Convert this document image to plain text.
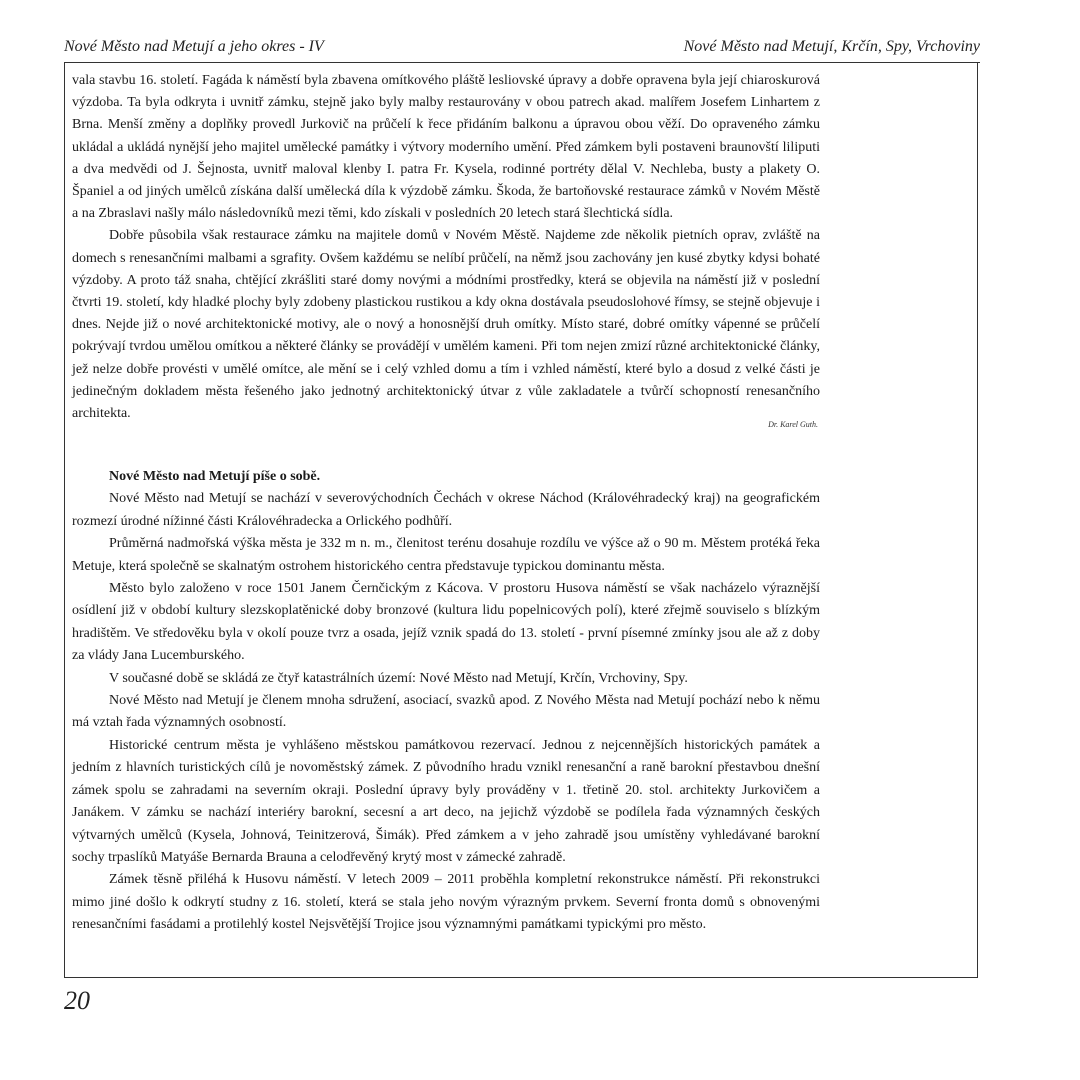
Nové Město nad Metují a jeho okres - IV	Nové Město nad Metují, Krčín, Spy, Vrchoviny

vala stavbu 16. století. Fagáda k náměstí byla zbavena omítkového pláště lesliovské úpravy a dobře opravena byla její chiaroskurová výzdoba. Ta byla odkryta i uvnitř zámku, stejně jako byly malby restaurovány v obou patrech akad. malířem Josefem Linhartem z Brna. Menší změny a doplňky provedl Jurkovič na průčelí k řece přidáním balkonu a úpravou obou věží. Do opraveného zámku ukládal a ukládá nynější jeho majitel umělecké památky i výtvory moderního umění. Před zámkem byli postaveni braunovští liliputi a dva medvědi od J. Šejnosta, uvnitř maloval klenby I. patra Fr. Kysela, rodinné portréty dělal V. Nechleba, busty a plakety O. Španiel a od jiných umělců získána další umělecká díla k výzdobě zámku. Škoda, že bartoňovské restaurace zámků v Novém Městě a na Zbraslavi našly málo následovníků mezi těmi, kdo získali v posledních 20 letech stará šlechtická sídla.

Dobře působila však restaurace zámku na majitele domů v Novém Městě. Najdeme zde několik pietních oprav, zvláště na domech s renesančními malbami a sgrafity. Ovšem každému se nelíbí průčelí, na němž jsou zachovány jen kusé zbytky kdysi bohaté výzdoby. A proto táž snaha, chtějící zkrášliti staré domy novými a módními prostředky, která se objevila na náměstí již v poslední čtvrti 19. století, kdy hladké plochy byly zdobeny plastickou rustikou a kdy okna dostávala pseudoslohové římsy, se stejně objevuje i dnes. Nejde již o nové architektonické motivy, ale o nový a honosnější druh omítky. Místo staré, dobré omítky vápenné se průčelí pokrývají tvrdou umělou omítkou a některé články se provádějí v umělém kameni. Při tom nejen zmizí různé architektonické články, jež nelze dobře provésti v umělé omítce, ale mění se i celý vzhled domu a tím i vzhled náměstí, které bylo a dosud z velké části je jedinečným dokladem města řešeného jako jednotný architektonický útvar z vůle zakladatele a tvůrčí schopností renesančního architekta.

Dr. Karel Guth.

Nové Město nad Metují píše o sobě.

Nové Město nad Metují se nachází v severovýchodních Čechách v okrese Náchod (Královéhradecký kraj) na geografickém rozmezí úrodné nížinné části Královéhradecka a Orlického podhůří.

Průměrná nadmořská výška města je 332 m n. m., členitost terénu dosahuje rozdílu ve výšce až o 90 m. Městem protéká řeka Metuje, která společně se skalnatým ostrohem historického centra představuje typickou dominantu města.

Město bylo založeno v roce 1501 Janem Černčickým z Kácova. V prostoru Husova náměstí se však nacházelo výraznější osídlení již v období kultury slezskoplatěnické doby bronzové (kultura lidu popelnicových polí), které zřejmě souviselo s blízkým hradištěm. Ve středověku byla v okolí pouze tvrz a osada, jejíž vznik spadá do 13. století - první písemné zmínky jsou ale až z doby za vlády Jana Lucemburského.

V současné době se skládá ze čtyř katastrálních území: Nové Město nad Metují, Krčín, Vrchoviny, Spy.

Nové Město nad Metují je členem mnoha sdružení, asociací, svazků apod. Z Nového Města nad Metují pochází nebo k němu má vztah řada významných osobností.

Historické centrum města je vyhlášeno městskou památkovou rezervací. Jednou z nejcennějších historických památek a jedním z hlavních turistických cílů je novoměstský zámek. Z původního hradu vznikl renesanční a raně barokní přestavbou dnešní zámek spolu se zahradami na severním okraji. Poslední úpravy byly prováděny v 1. třetině 20. stol. architekty Jurkovičem a Janákem. V zámku se nachází interiéry barokní, secesní a art deco, na jejichž výzdobě se podílela řada významných českých výtvarných umělců (Kysela, Johnová, Teinitzerová, Šimák). Před zámkem a v jeho zahradě jsou umístěny vyhledávané barokní sochy trpaslíků Matyáše Bernarda Brauna a celodřevěný krytý most v zámecké zahradě.

Zámek těsně přiléhá k Husovu náměstí. V letech 2009 – 2011 proběhla kompletní rekonstrukce náměstí. Při rekonstrukci mimo jiné došlo k odkrytí studny z 16. století, která se stala jeho novým výrazným prvkem. Severní fronta domů s obnovenými renesančními fasádami a protilehlý kostel Nejsvětější Trojice jsou významnými památkami typickými pro město.

20
